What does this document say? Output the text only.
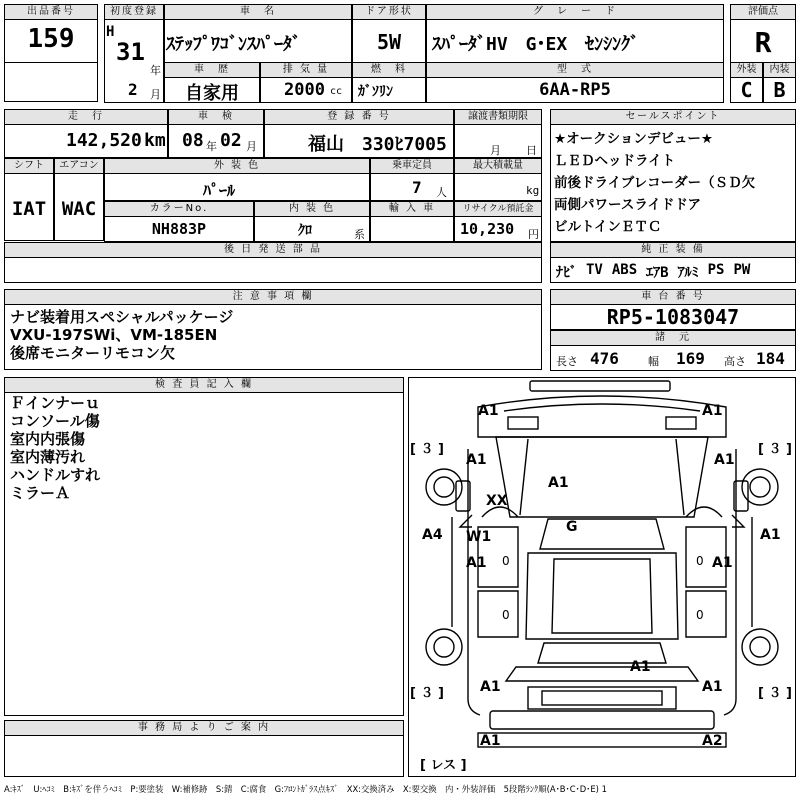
出品番号
159
初度登録
H
31
年
2 月
車　名
ｽﾃｯﾌﾟﾜｺﾞﾝｽﾊﾟｰﾀﾞ
ドア形状
5W
グ　レ　ー　ド
ｽﾊﾟｰﾀﾞHV　G･EX　ｾﾝｼﾝｸﾞ
評価点
R
車　歴
自家用
排 気 量
2000 cc
燃　料
ｶﾞｿﾘﾝ
型　式
6AA-RP5
外装	内装
C	B
走　行
142,520 km
車　検
08 年 02 月
登 録 番 号
福山　330ﾋ7005
譲渡書類期限
月 日
シフト	エアコン
IAT WAC
外 装 色
ﾊﾟｰﾙ
乗車定員
7 人
最大積載量
kg
カラーNo.
NH883P
内 装 色
ｸﾛ	系
輸 入 車	リサイクル預託金
10,230 円
後 日 発 送 部 品
セールスポイント
★オークションデビュー★
ＬＥＤヘッドライト
前後ドライブレコーダー（ＳＤ欠
両側パワースライドドア
ビルトインＥＴＣ
純 正 装 備
ﾅﾋﾞ TV ABS ｴｱB ｱﾙﾐ PS PW
注 意 事 項 欄
ナビ装着用スペシャルパッケージ
VXU-197SWi、VM-185EN
後席モニターリモコン欠
車 台 番 号
RP5-1083047
諸　元
長さ 476	幅 169 高さ 184
検 査 員 記 入 欄
Ｆインナーｕ
コンソール傷
室内内張傷
室内薄汚れ
ハンドルすれ
ミラーＡ
事 務 局 よ り ご 案 内
A1	A1
A1	A1
A1
XX
A4 W1
G	A1
A1	A1
A1
A1	A1
A1	A2
0	0
0	0
[ ３ ]	[ ３ ]
[ ３ ]	[ ３ ]
[ レス ]
A:ｷｽﾞ　U:ﾍｺﾐ　B:ｷｽﾞを伴うﾍｺﾐ　P:要塗装　W:補修跡　S:錆　C:腐食　G:ﾌﾛﾝﾄｶﾞﾗｽ点ｷｽﾞ　XX:交換済み　X:要交換　内・外装評価　5段階ﾗﾝｸ順(A･B･C･D･E) 1
